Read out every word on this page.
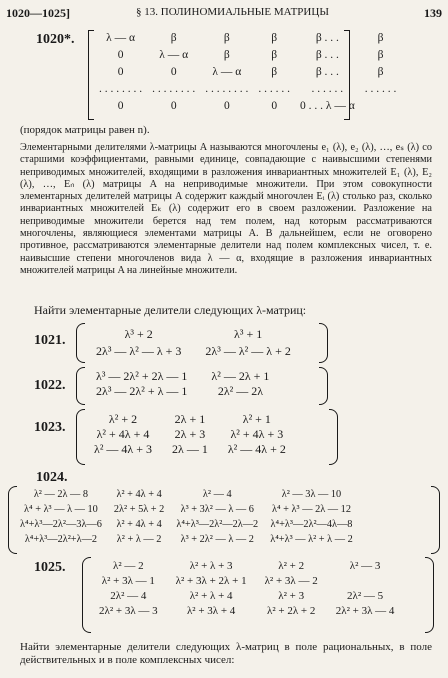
1020—1025]	§ 13. ПОЛИНОМИАЛЬНЫЕ МАТРИЦЫ	139
1020*.	λ — α	β	β	β	β . . .	β
0	λ — α	β	β	β . . .	β
0	0	λ — α	β	β . . .	β
. . . . . . . .	. . . . . . . .	. . . . . . . .	. . . . . .	. . . . . .	. . . . . .
0	0	0	0	0 . . . λ — α	
(порядок матрицы равен n).
Элементарными делителями λ-матрицы A называются многочлены e₁ (λ), e₂ (λ), …, eₛ (λ) со старшими коэффициентами, равными единице, совпадающие с наивысшими степенями неприводимых множителей, входящими в разложения инвариантных множителей E₁ (λ), E₂ (λ), …, Eₙ (λ) матрицы A на неприводимые множители. При этом совокупности элементарных делителей матрицы A содержит каждый многочлен Eᵢ (λ) столько раз, сколько инвариантных множителей Eₖ (λ) содержит его в своем разложении. Разложение на неприводимые множители берется над тем полем, над которым рассматриваются многочлены, являющиеся элементами матрицы A. В дальнейшем, если не оговорено противное, рассматриваются элементарные делители над полем комплексных чисел, т. е. наивысшие степени многочленов вида λ — α, входящие в разложения инвариантных множителей матрицы A на линейные множители.
Найти элементарные делители следующих λ-матриц:
1021.	λ³ + 2	λ³ + 1
2λ³ — λ² — λ + 3	2λ³ — λ² — λ + 2
1022.
λ³ — 2λ² + 2λ — 1	λ² — 2λ + 1
2λ³ — 2λ² + λ — 1	2λ² — 2λ
1023.
λ² + 2	2λ + 1	λ² + 1
λ² + 4λ + 4	2λ + 3	λ² + 4λ + 3
λ² — 4λ + 3	2λ — 1	λ² — 4λ + 2
1024.
λ² — 2λ — 8	λ² + 4λ + 4	λ² — 4	λ² — 3λ — 10
λ⁴ + λ³ — λ — 10	2λ² + 5λ + 2	λ³ + 3λ² — λ — 6	λ⁴ + λ³ — 2λ — 12
λ⁴+λ³—2λ²—3λ—6	λ² + 4λ + 4	λ⁴+λ³—2λ²—2λ—2	λ⁴+λ³—2λ²—4λ—8
λ⁴+λ³—2λ²+λ—2	λ² + λ — 2	λ³ + 2λ² — λ — 2	λ⁴+λ³ — λ² + λ — 2
1025.	λ² — 2	λ² + λ + 3	λ² + 2	λ² — 3
λ² + 3λ — 1	λ² + 3λ + 2λ + 1	λ² + 3λ — 2	
2λ² — 4	λ² + λ + 4	λ² + 3	2λ² — 5
2λ² + 3λ — 3	λ² + 3λ + 4	λ² + 2λ + 2	2λ² + 3λ — 4
Найти элементарные делители следующих λ-матриц в поле рациональных, в поле действительных и в поле комплексных чисел:
